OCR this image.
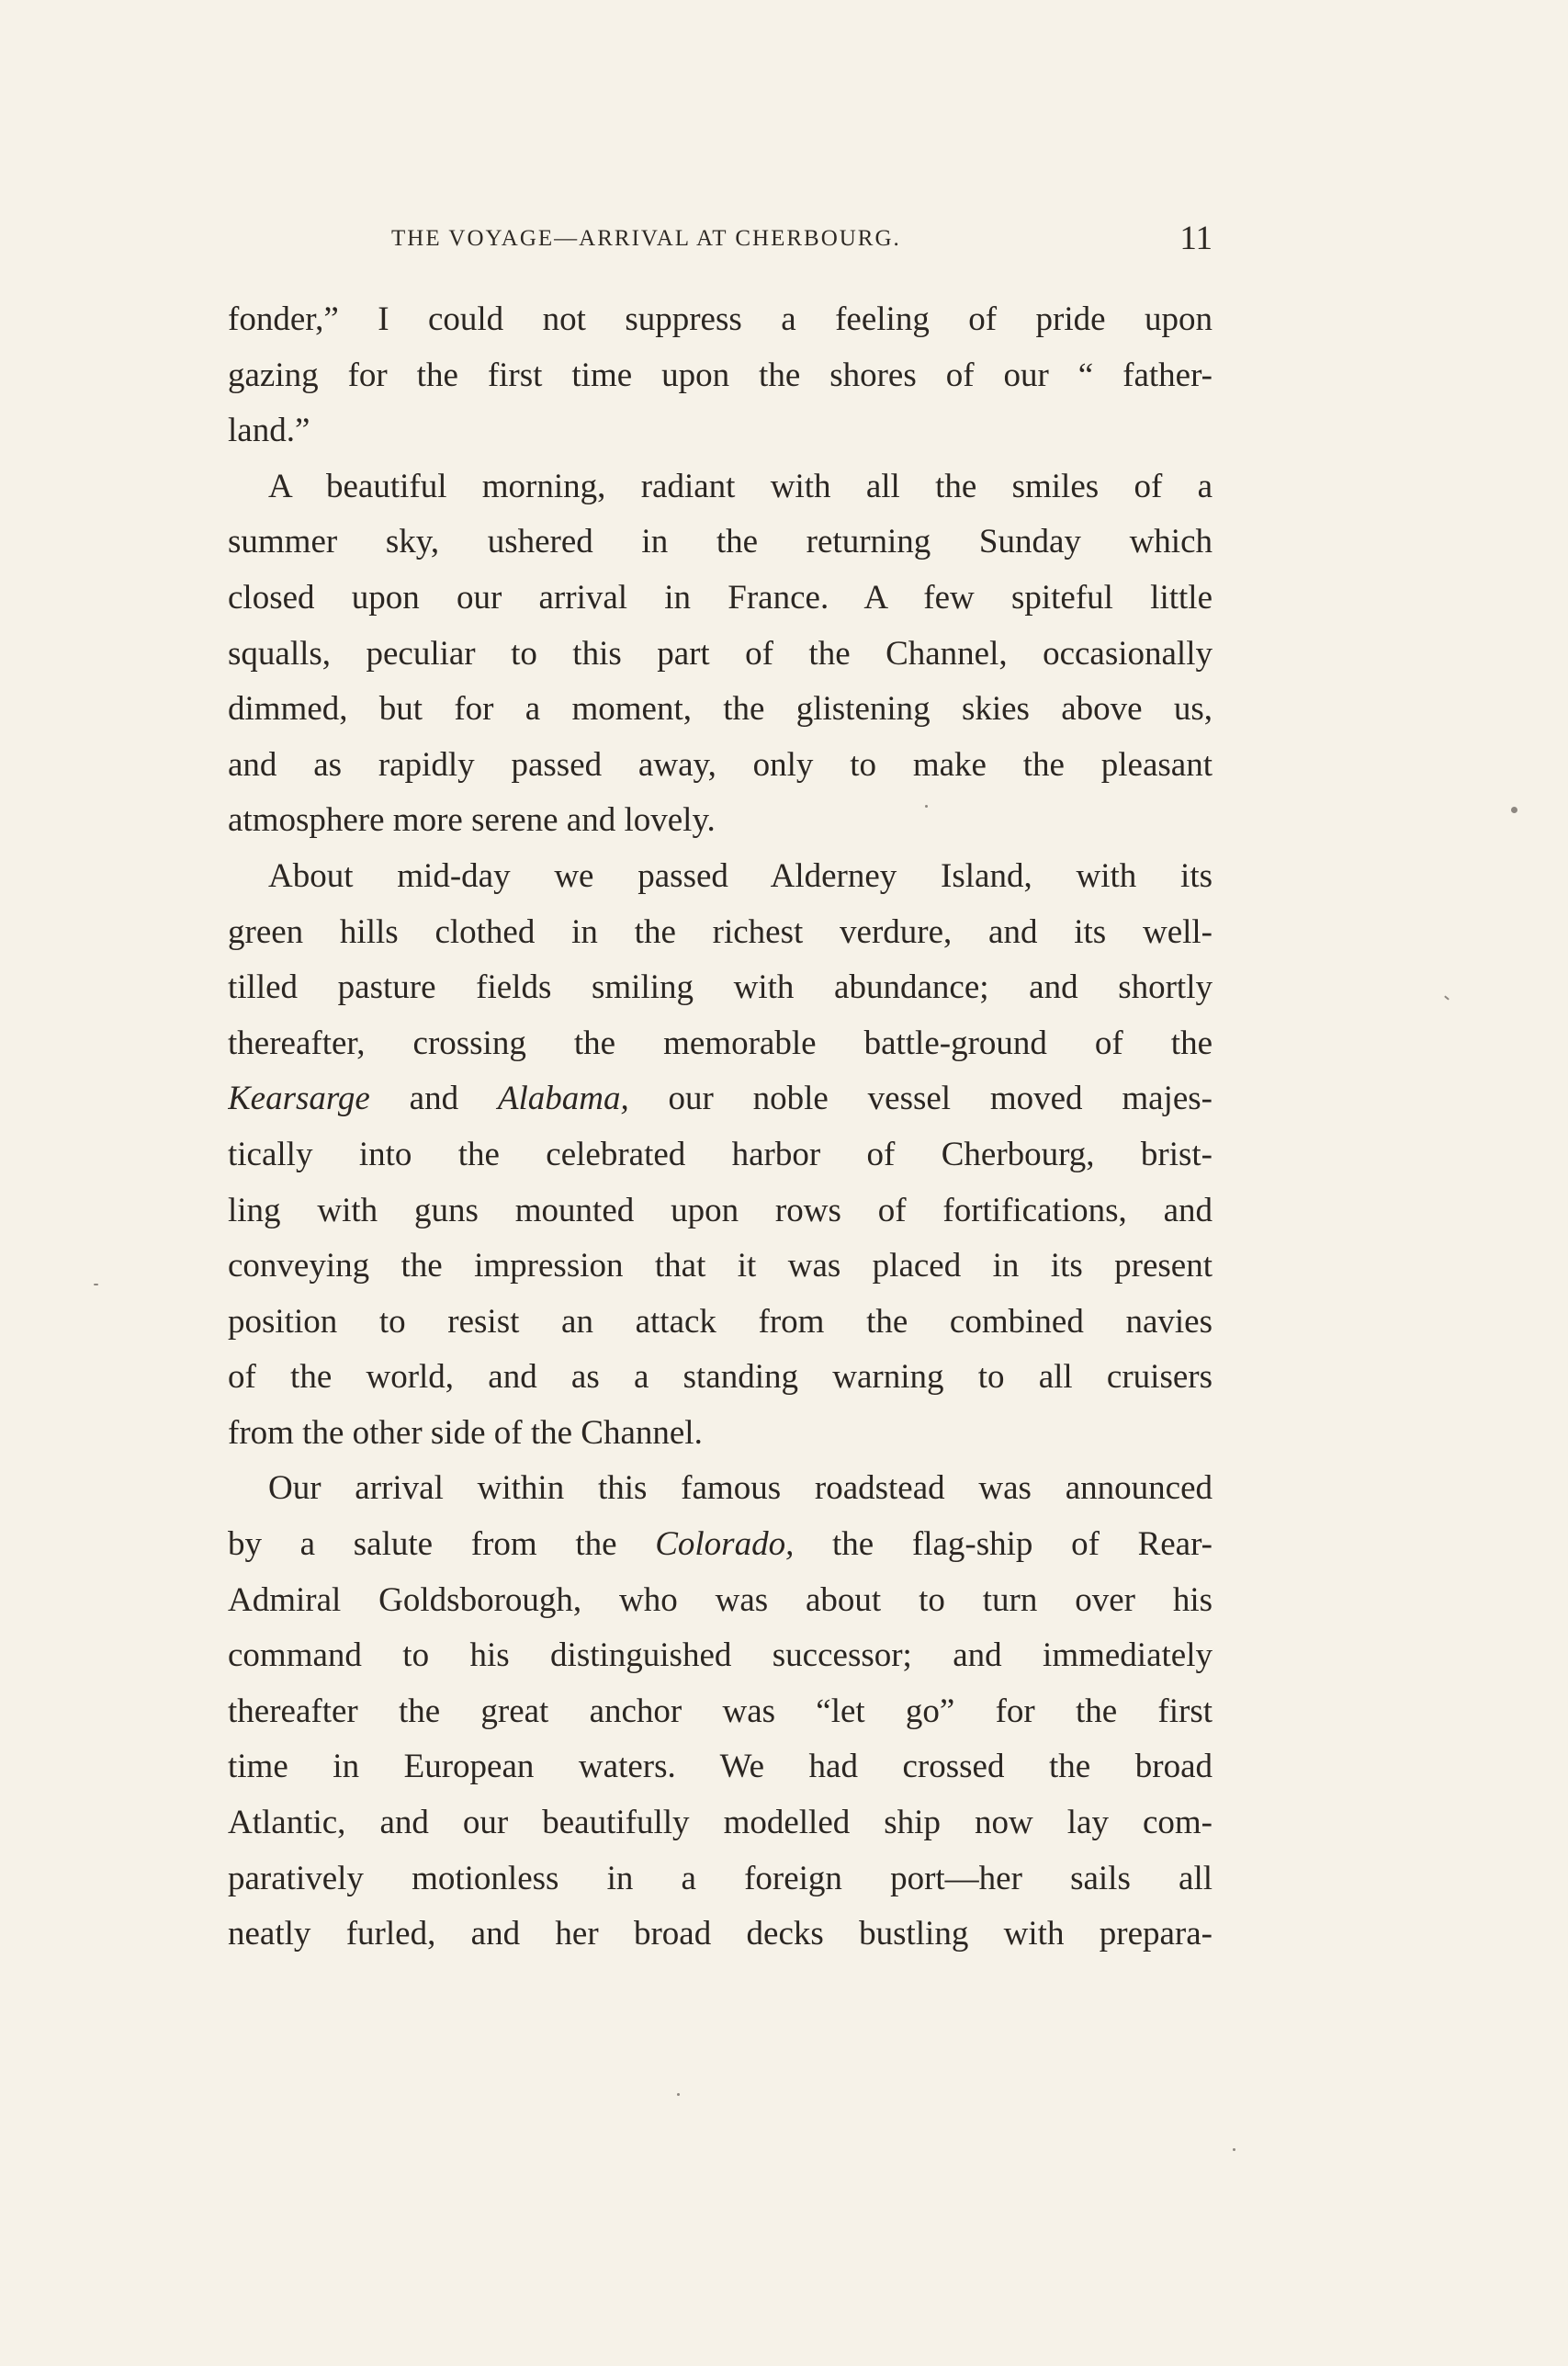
THE VOYAGE—ARRIVAL AT CHERBOURG.	11
fonder,” I could not suppress a feeling of pride upon
gazing for the first time upon the shores of our “ father-
land.”
A beautiful morning, radiant with all the smiles of a
summer sky, ushered in the returning Sunday which
closed upon our arrival in France. A few spiteful little
squalls, peculiar to this part of the Channel, occasionally
dimmed, but for a moment, the glistening skies above us,
and as rapidly passed away, only to make the pleasant
atmosphere more serene and lovely.
About mid-day we passed Alderney Island, with its
green hills clothed in the richest verdure, and its well-
tilled pasture fields smiling with abundance; and shortly
thereafter, crossing the memorable battle-ground of the
Kearsarge and Alabama, our noble vessel moved majes-
tically into the celebrated harbor of Cherbourg, brist-
ling with guns mounted upon rows of fortifications, and
conveying the impression that it was placed in its present
position to resist an attack from the combined navies
of the world, and as a standing warning to all cruisers
from the other side of the Channel.
Our arrival within this famous roadstead was announced
by a salute from the Colorado, the flag-ship of Rear-
Admiral Goldsborough, who was about to turn over his
command to his distinguished successor; and immediately
thereafter the great anchor was “let go” for the first
time in European waters. We had crossed the broad
Atlantic, and our beautifully modelled ship now lay com-
paratively motionless in a foreign port—her sails all
neatly furled, and her broad decks bustling with prepara-
